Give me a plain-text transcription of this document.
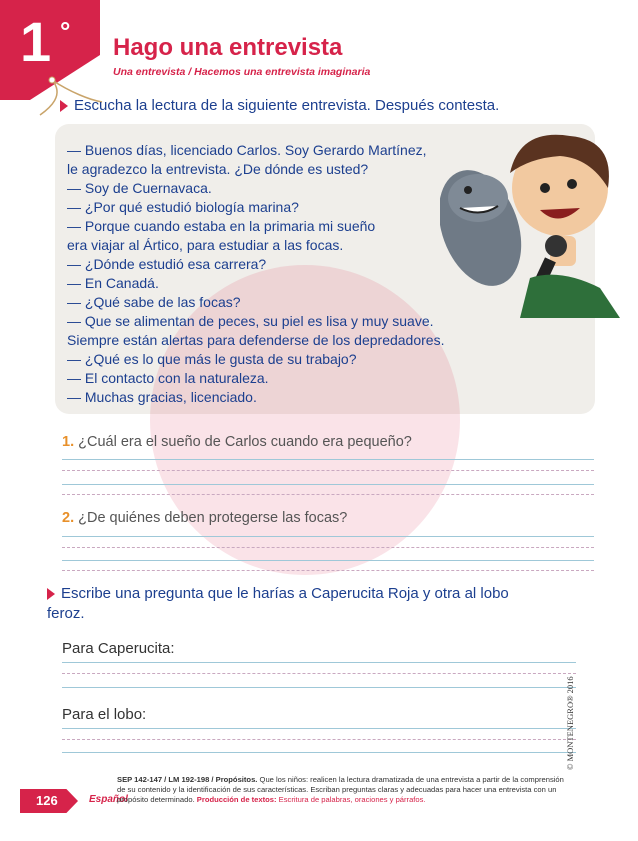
1 °
Hago una entrevista
Una entrevista / Hacemos una entrevista imaginaria
Escucha la lectura de la siguiente entrevista. Después contesta.
— Buenos días, licenciado Carlos. Soy Gerardo Martínez,
le agradezco la entrevista. ¿De dónde es usted?
— Soy de Cuernavaca.
— ¿Por qué estudió biología marina?
— Porque cuando estaba en la primaria mi sueño
era viajar al Ártico, para estudiar a las focas.
— ¿Dónde estudió esa carrera?
— En Canadá.
— ¿Qué sabe de las focas?
— Que se alimentan de peces, su piel es lisa y muy suave.
Siempre están alertas para defenderse de los depredadores.
— ¿Qué es lo que más le gusta de su trabajo?
— El contacto con la naturaleza.
— Muchas gracias, licenciado.
1. ¿Cuál era el sueño de Carlos cuando era pequeño?
2. ¿De quiénes deben protegerse las focas?
Escribe una pregunta que le harías a Caperucita Roja y otra al lobo
feroz.
Para Caperucita:
Para el lobo:	© MONTENEGRO® 2016
126	Español
SEP 142-147 / LM 192-198 / Propósitos. Que los niños: realicen la lectura dramatizada de una entrevista a partir de la comprensión de su contenido y la identificación de sus características. Escriban preguntas claras y adecuadas para hacer una entrevista con un propósito determinado. Producción de textos: Escritura de palabras, oraciones y párrafos.
